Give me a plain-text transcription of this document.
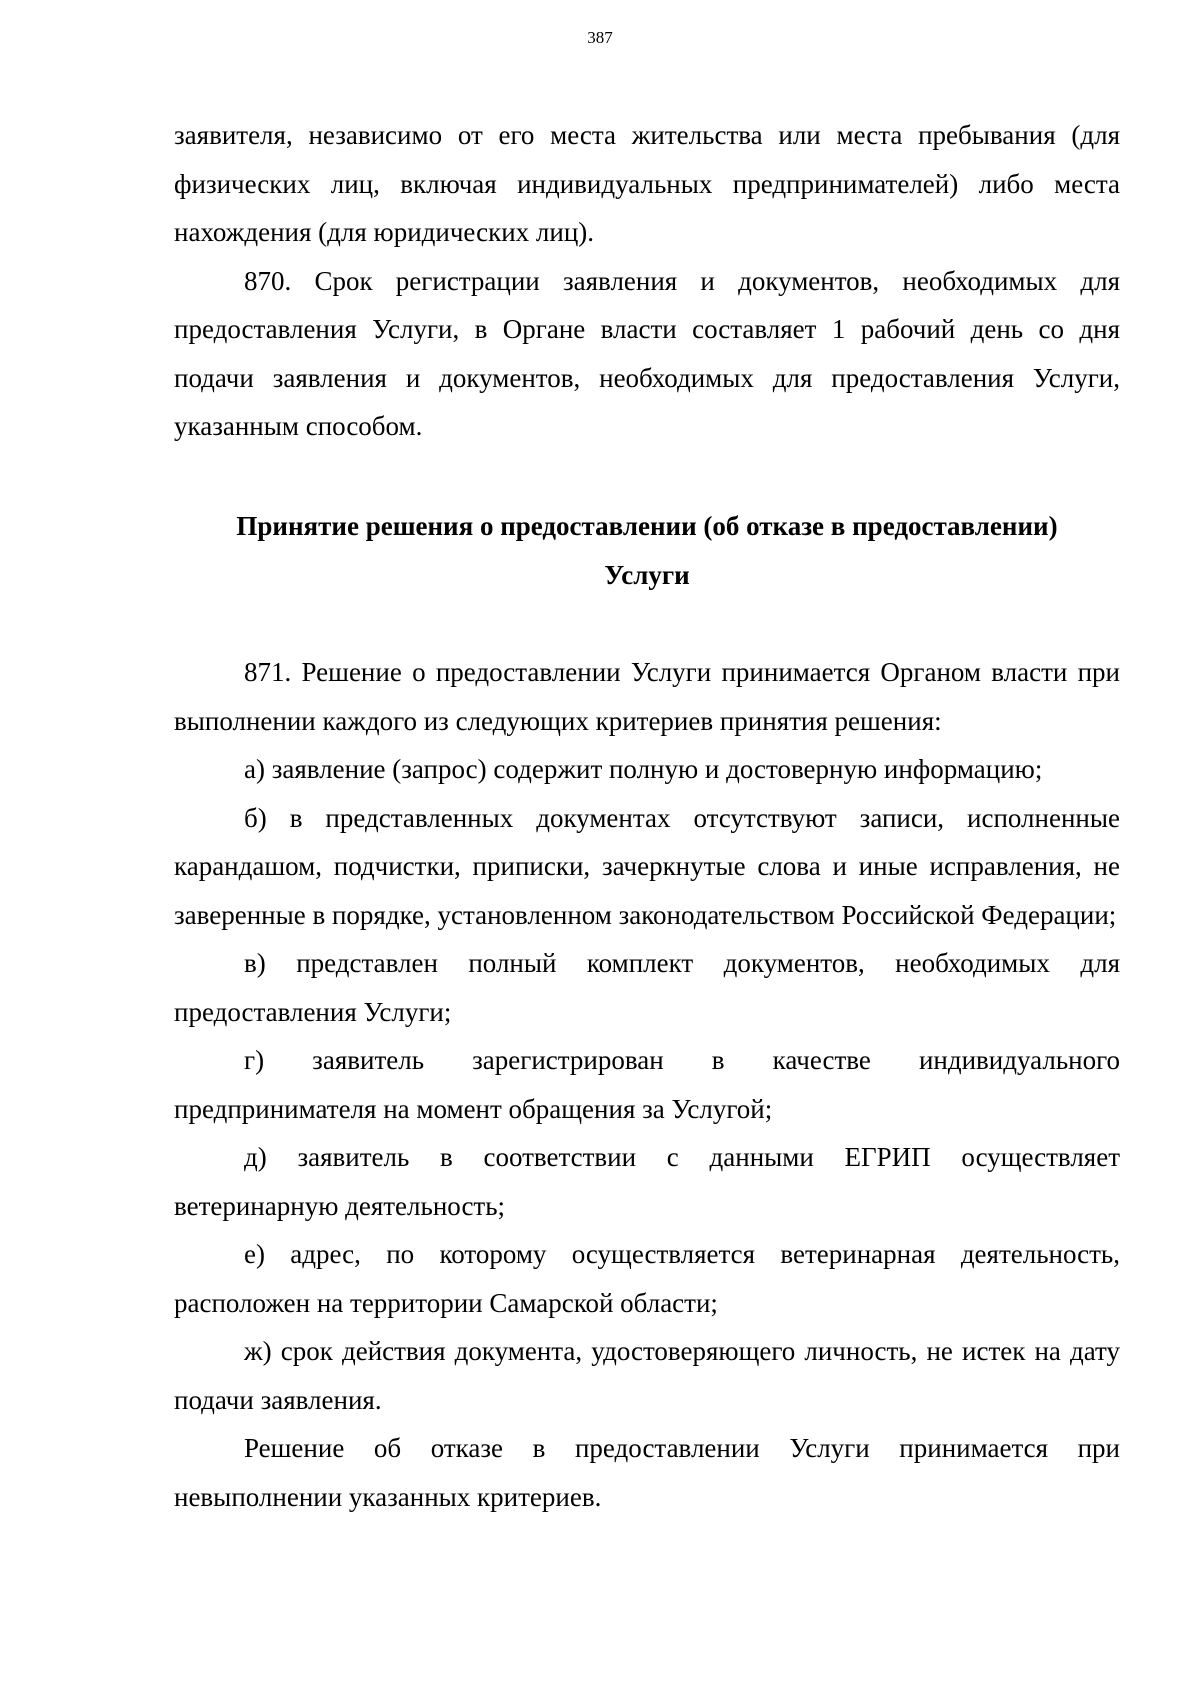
387

заявителя, независимо от его места жительства или места пребывания (для физических лиц, включая индивидуальных предпринимателей) либо места нахождения (для юридических лиц).

870. Срок регистрации заявления и документов, необходимых для предоставления Услуги, в Органе власти составляет 1 рабочий день со дня подачи заявления и документов, необходимых для предоставления Услуги, указанным способом.

Принятие решения о предоставлении (об отказе в предоставлении)

Услуги

871. Решение о предоставлении Услуги принимается Органом власти при выполнении каждого из следующих критериев принятия решения:

а) заявление (запрос) содержит полную и достоверную информацию;

б) в представленных документах отсутствуют записи, исполненные карандашом, подчистки, приписки, зачеркнутые слова и иные исправления, не заверенные в порядке, установленном законодательством Российской Федерации;

в) представлен полный комплект документов, необходимых для предоставления Услуги;

г) заявитель зарегистрирован в качестве индивидуального предпринимателя на момент обращения за Услугой;

д) заявитель в соответствии с данными ЕГРИП осуществляет ветеринарную деятельность;

е) адрес, по которому осуществляется ветеринарная деятельность, расположен на территории Самарской области;

ж) срок действия документа, удостоверяющего личность, не истек на дату подачи заявления.

Решение об отказе в предоставлении Услуги принимается при невыполнении указанных критериев.
